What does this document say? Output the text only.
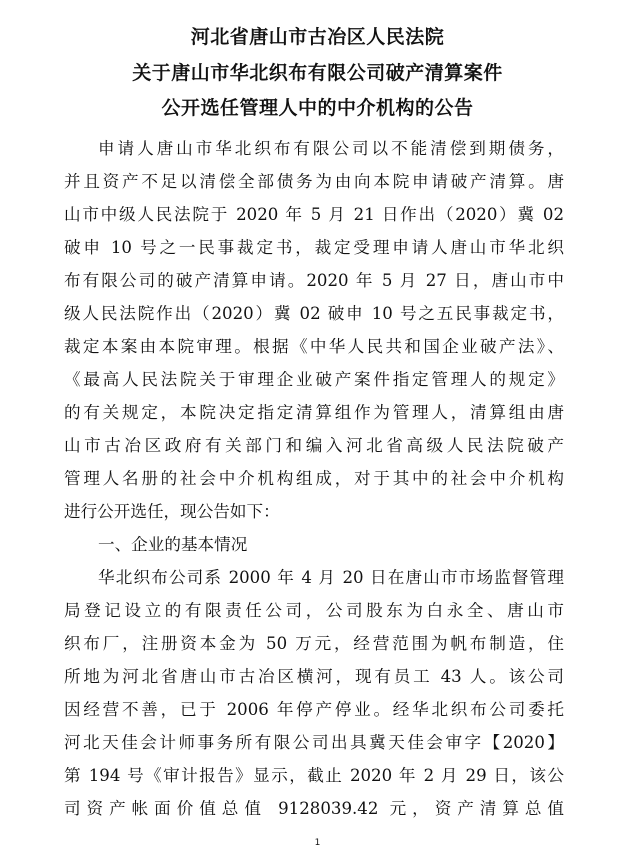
河北省唐山市古冶区人民法院
关于唐山市华北织布有限公司破产清算案件
公开选任管理人中的中介机构的公告
申请人唐山市华北织布有限公司以不能清偿到期债务，
并且资产不足以清偿全部债务为由向本院申请破产清算。唐
山市中级人民法院于 2020 年 5 月 21 日作出（2020）冀 02
破申 10 号之一民事裁定书，裁定受理申请人唐山市华北织
布有限公司的破产清算申请。2020 年 5 月 27 日，唐山市中
级人民法院作出（2020）冀 02 破申 10 号之五民事裁定书，
裁定本案由本院审理。根据《中华人民共和国企业破产法》、
《最高人民法院关于审理企业破产案件指定管理人的规定》
的有关规定，本院决定指定清算组作为管理人，清算组由唐
山市古冶区政府有关部门和编入河北省高级人民法院破产
管理人名册的社会中介机构组成，对于其中的社会中介机构
进行公开选任，现公告如下：
一、企业的基本情况
华北织布公司系 2000 年 4 月 20 日在唐山市市场监督管理
局登记设立的有限责任公司，公司股东为白永全、唐山市
织布厂，注册资本金为 50 万元，经营范围为帆布制造，住
所地为河北省唐山市古冶区横河，现有员工 43 人。该公司
因经营不善，已于 2006 年停产停业。经华北织布公司委托
河北天佳会计师事务所有限公司出具冀天佳会审字【2020】
第 194 号《审计报告》显示，截止 2020 年 2 月 29 日，该公
司资产帐面价值总值 9128039.42 元，资产清算总值
1
